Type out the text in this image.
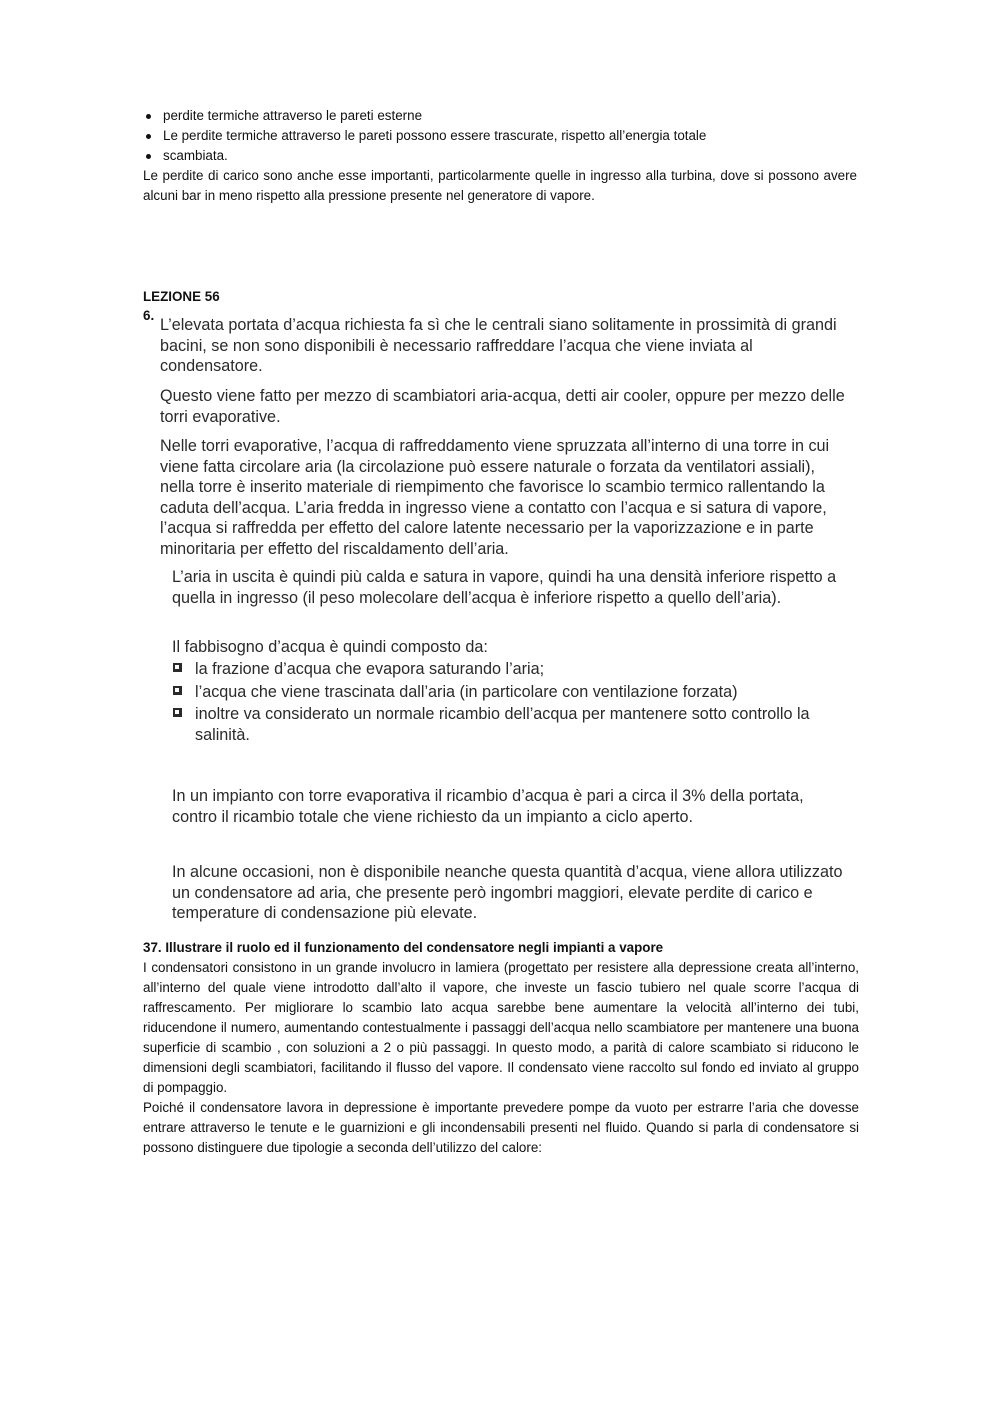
perdite termiche attraverso le pareti esterne
Le perdite termiche attraverso le pareti possono essere trascurate, rispetto all’energia totale
scambiata.

Le perdite di carico sono anche esse importanti, particolarmente quelle in ingresso alla turbina, dove si possono avere alcuni bar in meno rispetto alla pressione presente nel generatore di vapore.

LEZIONE 56

6.

L’elevata portata d’acqua richiesta fa sì che le centrali siano solitamente in prossimità di grandi bacini, se non sono disponibili è necessario raffreddare l’acqua che viene inviata al condensatore.

Questo viene fatto per mezzo di scambiatori aria-acqua, detti air cooler, oppure per mezzo delle torri evaporative.

Nelle torri evaporative, l’acqua di raffreddamento viene spruzzata all’interno di una torre in cui viene fatta circolare aria (la circolazione può essere naturale o forzata da ventilatori assiali), nella torre è inserito materiale di riempimento che favorisce lo scambio termico rallentando la caduta dell’acqua. L’aria fredda in ingresso viene a contatto con l’acqua e si satura di vapore, l’acqua si raffredda per effetto del calore latente necessario per la vaporizzazione e in parte minoritaria per effetto del riscaldamento dell’aria.

L’aria in uscita è quindi più calda e satura in vapore, quindi ha una densità inferiore rispetto a quella in ingresso (il peso molecolare dell’acqua è inferiore rispetto a quello dell’aria).

Il fabbisogno d’acqua è quindi composto da:

la frazione d’acqua che evapora saturando l’aria;
l’acqua che viene trascinata dall’aria (in particolare con ventilazione forzata)
inoltre va considerato un normale ricambio dell’acqua per mantenere sotto controllo la salinità.

In un impianto con torre evaporativa il ricambio d’acqua è pari a circa il 3% della portata, contro il ricambio totale che viene richiesto da un impianto a ciclo aperto.

In alcune occasioni, non è disponibile neanche questa quantità d’acqua, viene allora utilizzato un condensatore ad aria, che presente però ingombri maggiori, elevate perdite di carico e temperature di condensazione più elevate.

37. Illustrare il ruolo ed il funzionamento del condensatore negli impianti a vapore

I condensatori consistono in un grande involucro in lamiera (progettato per resistere alla depressione creata all’interno, all’interno del quale viene introdotto dall’alto il vapore, che investe un fascio tubiero nel quale scorre l’acqua di raffrescamento. Per migliorare lo scambio lato acqua sarebbe bene aumentare la velocità all’interno dei tubi, riducendone il numero, aumentando contestualmente i passaggi dell’acqua nello scambiatore per mantenere una buona superficie di scambio , con soluzioni a 2 o più passaggi. In questo modo, a parità di calore scambiato si riducono le dimensioni degli scambiatori, facilitando il flusso del vapore. Il condensato viene raccolto sul fondo ed inviato al gruppo di pompaggio.

Poiché il condensatore lavora in depressione è importante prevedere pompe da vuoto per estrarre l’aria che dovesse entrare attraverso le tenute e le guarnizioni e gli incondensabili presenti nel fluido. Quando si parla di condensatore si possono distinguere due tipologie a seconda dell’utilizzo del calore:
